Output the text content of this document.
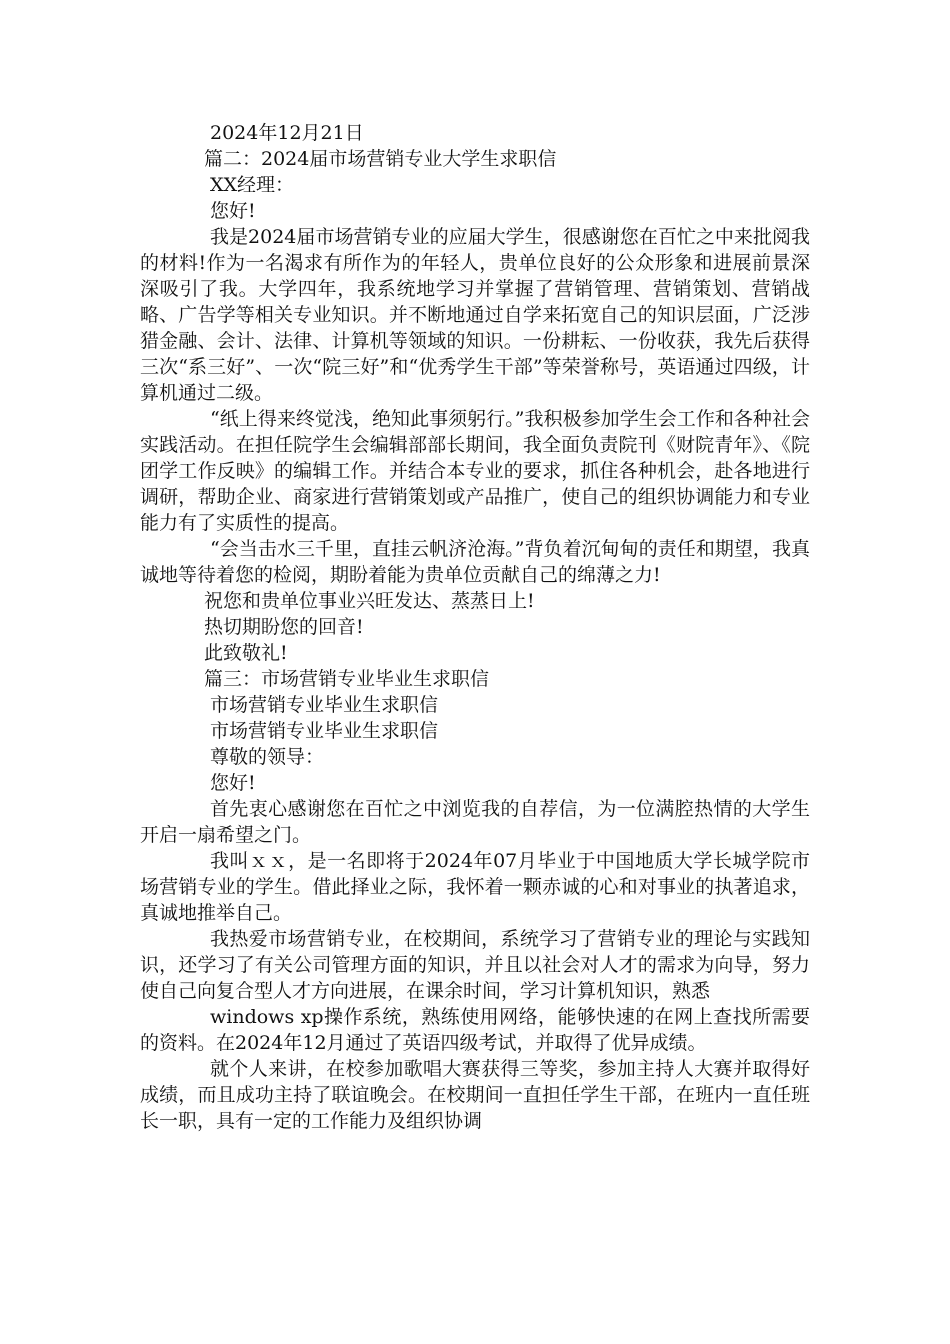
2024年12月21日

篇二：2024届市场营销专业大学生求职信

XX经理：

您好!

我是2024届市场营销专业的应届大学生，很感谢您在百忙之中来批阅我的材料!作为一名渴求有所作为的年轻人，贵单位良好的公众形象和进展前景深深吸引了我。大学四年，我系统地学习并掌握了营销管理、营销策划、营销战略、广告学等相关专业知识。并不断地通过自学来拓宽自己的知识层面，广泛涉猎金融、会计、法律、计算机等领域的知识。一份耕耘、一份收获，我先后获得三次“系三好”、一次“院三好”和“优秀学生干部”等荣誉称号，英语通过四级，计算机通过二级。

“纸上得来终觉浅，绝知此事须躬行。”我积极参加学生会工作和各种社会实践活动。在担任院学生会编辑部部长期间，我全面负责院刊《财院青年》、《院团学工作反映》的编辑工作。并结合本专业的要求，抓住各种机会，赴各地进行调研，帮助企业、商家进行营销策划或产品推广，使自己的组织协调能力和专业能力有了实质性的提高。

“会当击水三千里，直挂云帆济沧海。”背负着沉甸甸的责任和期望，我真诚地等待着您的检阅，期盼着能为贵单位贡献自己的绵薄之力!

祝您和贵单位事业兴旺发达、蒸蒸日上!

热切期盼您的回音!

此致敬礼!

篇三：市场营销专业毕业生求职信

市场营销专业毕业生求职信

市场营销专业毕业生求职信

尊敬的领导：

您好!

首先衷心感谢您在百忙之中浏览我的自荐信，为一位满腔热情的大学生开启一扇希望之门。

我叫ｘｘ，是一名即将于2024年07月毕业于中国地质大学长城学院市场营销专业的学生。借此择业之际，我怀着一颗赤诚的心和对事业的执著追求，真诚地推举自己。

我热爱市场营销专业，在校期间，系统学习了营销专业的理论与实践知识，还学习了有关公司管理方面的知识，并且以社会对人才的需求为向导，努力使自己向复合型人才方向进展，在课余时间，学习计算机知识，熟悉

windows xp操作系统，熟练使用网络，能够快速的在网上查找所需要的资料。在2024年12月通过了英语四级考试，并取得了优异成绩。

就个人来讲，在校参加歌唱大赛获得三等奖，参加主持人大赛并取得好成绩，而且成功主持了联谊晚会。在校期间一直担任学生干部，在班内一直任班长一职，具有一定的工作能力及组织协调
